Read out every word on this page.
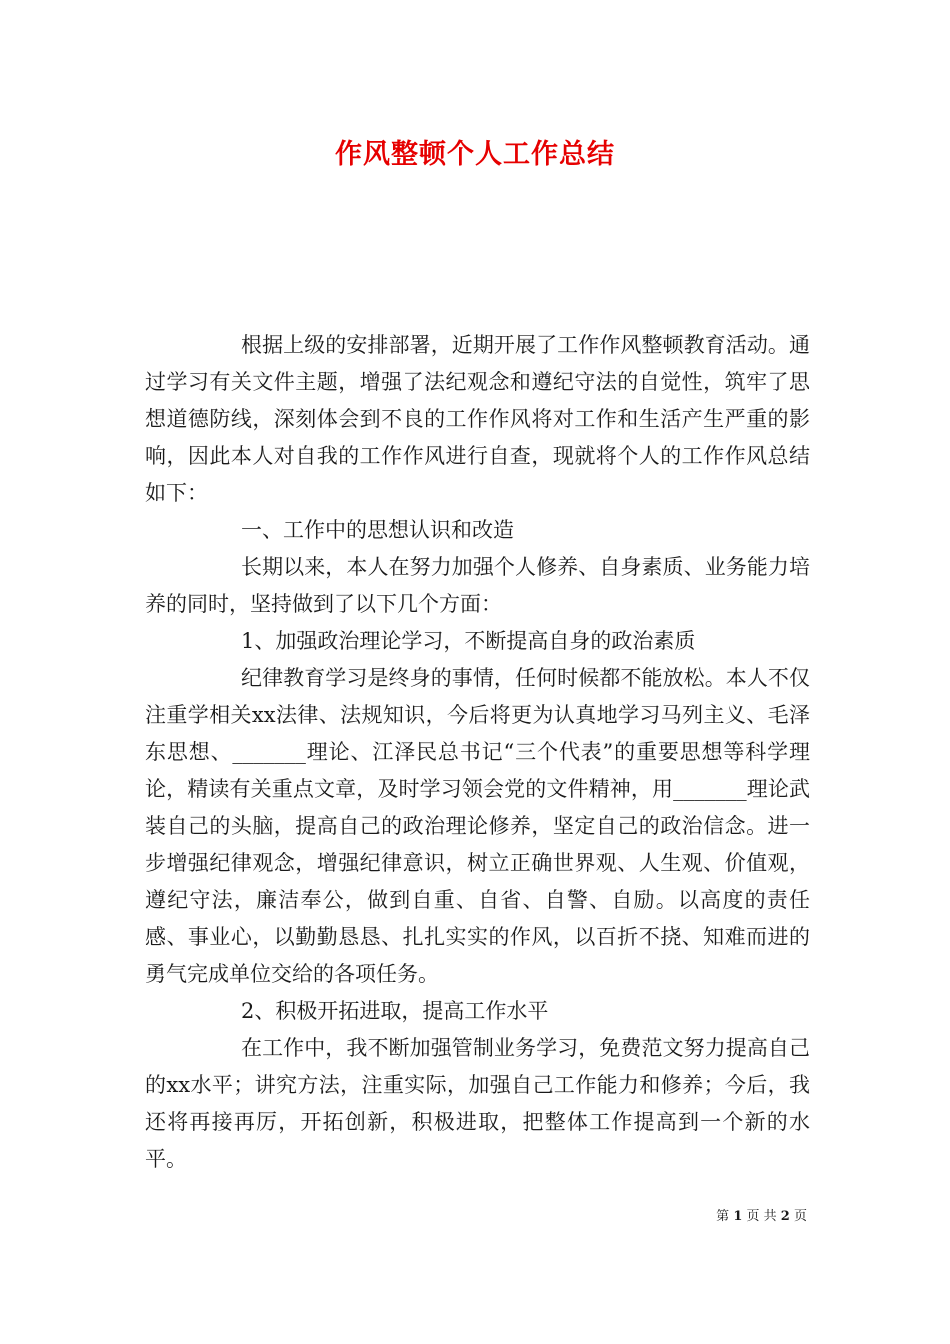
作风整顿个人工作总结

根据上级的安排部署，近期开展了工作作风整顿教育活动。通过学习有关文件主题，增强了法纪观念和遵纪守法的自觉性，筑牢了思想道德防线，深刻体会到不良的工作作风将对工作和生活产生严重的影响，因此本人对自我的工作作风进行自查，现就将个人的工作作风总结如下：

一、工作中的思想认识和改造

长期以来，本人在努力加强个人修养、自身素质、业务能力培养的同时，坚持做到了以下几个方面：

1、加强政治理论学习，不断提高自身的政治素质

纪律教育学习是终身的事情，任何时候都不能放松。本人不仅注重学相关xx法律、法规知识，今后将更为认真地学习马列主义、毛泽东思想、_______理论、江泽民总书记“三个代表”的重要思想等科学理论，精读有关重点文章，及时学习领会党的文件精神，用_______理论武装自己的头脑，提高自己的政治理论修养，坚定自己的政治信念。进一步增强纪律观念，增强纪律意识，树立正确世界观、人生观、价值观，遵纪守法，廉洁奉公，做到自重、自省、自警、自励。以高度的责任感、事业心，以勤勤恳恳、扎扎实实的作风，以百折不挠、知难而进的勇气完成单位交给的各项任务。

2、积极开拓进取，提高工作水平

在工作中，我不断加强管制业务学习，免费范文努力提高自己的xx水平；讲究方法，注重实际，加强自己工作能力和修养；今后，我还将再接再厉，开拓创新，积极进取，把整体工作提高到一个新的水平。

第 1 页 共 2 页
